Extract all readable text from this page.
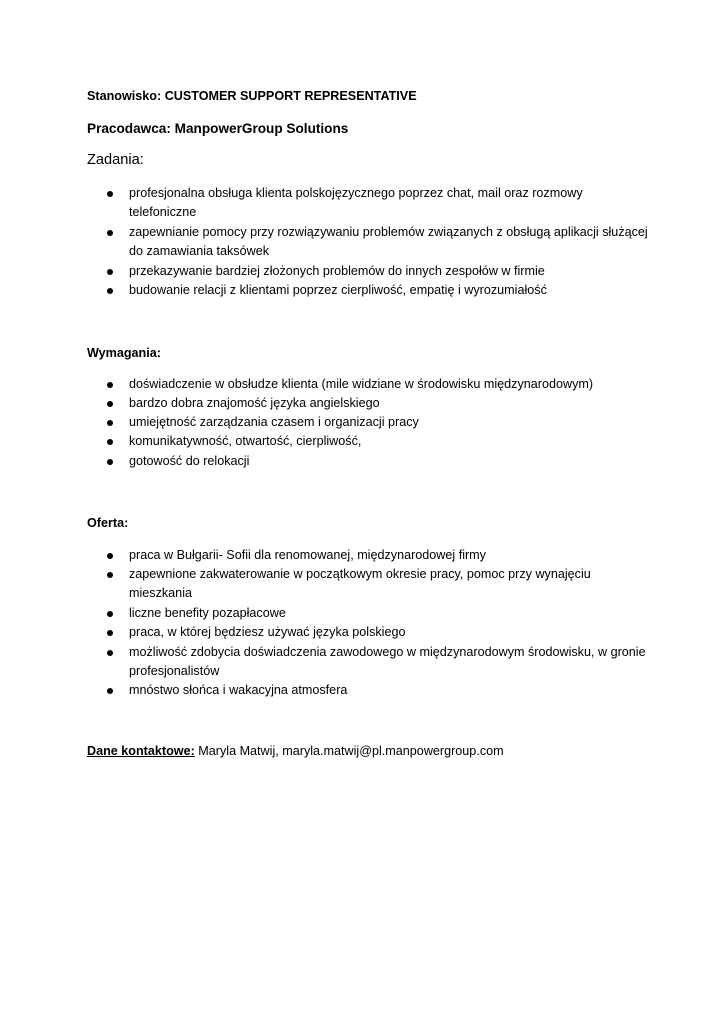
Stanowisko: CUSTOMER SUPPORT REPRESENTATIVE
Pracodawca: ManpowerGroup Solutions
Zadania:
profesjonalna obsługa klienta polskojęzycznego poprzez chat, mail oraz rozmowy telefoniczne
zapewnianie pomocy przy rozwiązywaniu problemów związanych z obsługą aplikacji służącej do zamawiania taksówek
przekazywanie bardziej złożonych problemów do innych zespołów w firmie
budowanie relacji z klientami poprzez cierpliwość, empatię i wyrozumiałość
Wymagania:
doświadczenie w obsłudze klienta (mile widziane w środowisku międzynarodowym)
bardzo dobra znajomość języka angielskiego
umiejętność zarządzania czasem i organizacji pracy
komunikatywność, otwartość, cierpliwość,
gotowość do relokacji
Oferta:
praca w Bułgarii- Sofii dla renomowanej, międzynarodowej firmy
zapewnione zakwaterowanie w początkowym okresie pracy, pomoc przy wynajęciu mieszkania
liczne benefity pozapłacowe
praca, w której będziesz używać języka polskiego
możliwość zdobycia doświadczenia zawodowego w międzynarodowym środowisku, w gronie profesjonalistów
mnóstwo słońca i wakacyjna atmosfera
Dane kontaktowe: Maryla Matwij, maryla.matwij@pl.manpowergroup.com
